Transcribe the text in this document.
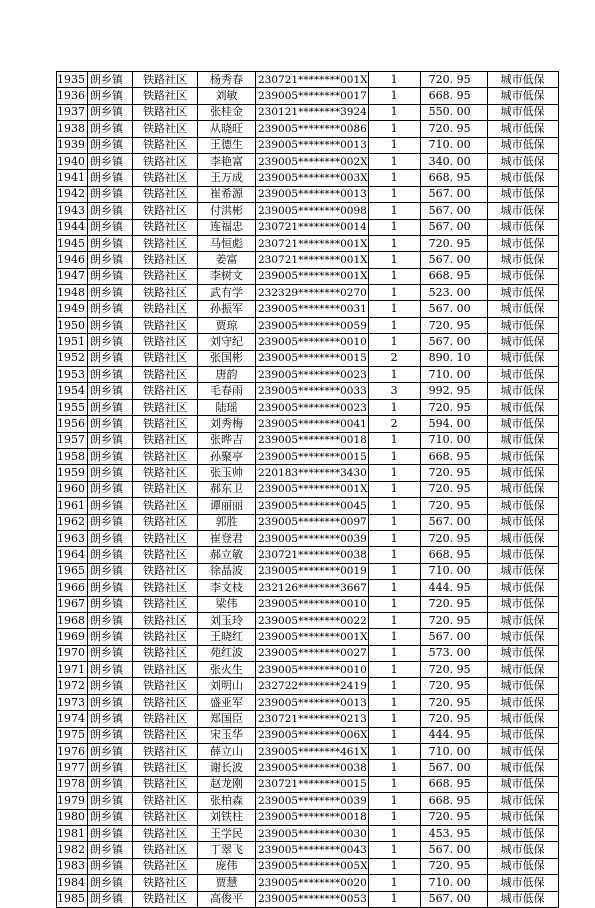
1935	朗乡镇	铁路社区	杨秀春	230721********001X	1	720. 95	城市低保
1936	朗乡镇	铁路社区	刘敏	239005********0017	1	668. 95	城市低保
1937	朗乡镇	铁路社区	张桂金	230121********3924	1	550. 00	城市低保
1938	朗乡镇	铁路社区	从晓旺	239005********0086	1	720. 95	城市低保
1939	朗乡镇	铁路社区	王德生	239005********0013	1	710. 00	城市低保
1940	朗乡镇	铁路社区	李艳富	239005********002X	1	340. 00	城市低保
1941	朗乡镇	铁路社区	王万成	239005********003X	1	668. 95	城市低保
1942	朗乡镇	铁路社区	崔希源	239005********0013	1	567. 00	城市低保
1943	朗乡镇	铁路社区	付洪彬	239005********0098	1	567. 00	城市低保
1944	朗乡镇	铁路社区	连福忠	230721********0014	1	567. 00	城市低保
1945	朗乡镇	铁路社区	马恒彪	230721********001X	1	720. 95	城市低保
1946	朗乡镇	铁路社区	姜富	230721********001X	1	567. 00	城市低保
1947	朗乡镇	铁路社区	李树文	239005********001X	1	668. 95	城市低保
1948	朗乡镇	铁路社区	武有学	232329********0270	1	523. 00	城市低保
1949	朗乡镇	铁路社区	孙振军	239005********0031	1	567. 00	城市低保
1950	朗乡镇	铁路社区	贾琼	239005********0059	1	720. 95	城市低保
1951	朗乡镇	铁路社区	刘守纪	239005********0010	1	567. 00	城市低保
1952	朗乡镇	铁路社区	张国彬	239005********0015	2	890. 10	城市低保
1953	朗乡镇	铁路社区	唐韵	239005********0023	1	710. 00	城市低保
1954	朗乡镇	铁路社区	毛春雨	239005********0033	3	992. 95	城市低保
1955	朗乡镇	铁路社区	陆瑶	239005********0023	1	720. 95	城市低保
1956	朗乡镇	铁路社区	刘秀梅	239005********0041	2	594. 00	城市低保
1957	朗乡镇	铁路社区	张晔吉	239005********0018	1	710. 00	城市低保
1958	朗乡镇	铁路社区	孙聚亭	239005********0015	1	668. 95	城市低保
1959	朗乡镇	铁路社区	张玉帅	220183********3430	1	720. 95	城市低保
1960	朗乡镇	铁路社区	郝东卫	239005********001X	1	720. 95	城市低保
1961	朗乡镇	铁路社区	谭丽丽	239005********0045	1	720. 95	城市低保
1962	朗乡镇	铁路社区	郭胜	239005********0097	1	567. 00	城市低保
1963	朗乡镇	铁路社区	崔登君	239005********0039	1	720. 95	城市低保
1964	朗乡镇	铁路社区	郝立敏	230721********0038	1	668. 95	城市低保
1965	朗乡镇	铁路社区	徐晶波	239005********0019	1	710. 00	城市低保
1966	朗乡镇	铁路社区	李文枝	232126********3667	1	444. 95	城市低保
1967	朗乡镇	铁路社区	梁伟	239005********0010	1	720. 95	城市低保
1968	朗乡镇	铁路社区	刘玉玲	239005********0022	1	720. 95	城市低保
1969	朗乡镇	铁路社区	王晓红	239005********001X	1	567. 00	城市低保
1970	朗乡镇	铁路社区	苑红波	239005********0027	1	573. 00	城市低保
1971	朗乡镇	铁路社区	张火生	239005********0010	1	720. 95	城市低保
1972	朗乡镇	铁路社区	刘明山	232722********2419	1	720. 95	城市低保
1973	朗乡镇	铁路社区	盛亚军	239005********0013	1	720. 95	城市低保
1974	朗乡镇	铁路社区	郑国臣	230721********0213	1	720. 95	城市低保
1975	朗乡镇	铁路社区	宋玉华	239005********006X	1	444. 95	城市低保
1976	朗乡镇	铁路社区	薛立山	239005********461X	1	710. 00	城市低保
1977	朗乡镇	铁路社区	谢长波	239005********0038	1	567. 00	城市低保
1978	朗乡镇	铁路社区	赵龙刚	230721********0015	1	668. 95	城市低保
1979	朗乡镇	铁路社区	张柏森	239005********0039	1	668. 95	城市低保
1980	朗乡镇	铁路社区	刘铁柱	239005********0018	1	720. 95	城市低保
1981	朗乡镇	铁路社区	王学民	239005********0030	1	453. 95	城市低保
1982	朗乡镇	铁路社区	丁翠飞	239005********0043	1	567. 00	城市低保
1983	朗乡镇	铁路社区	庞伟	239005********005X	1	720. 95	城市低保
1984	朗乡镇	铁路社区	贾慧	239005********0020	1	710. 00	城市低保
1985	朗乡镇	铁路社区	高俊平	239005********0053	1	567. 00	城市低保
